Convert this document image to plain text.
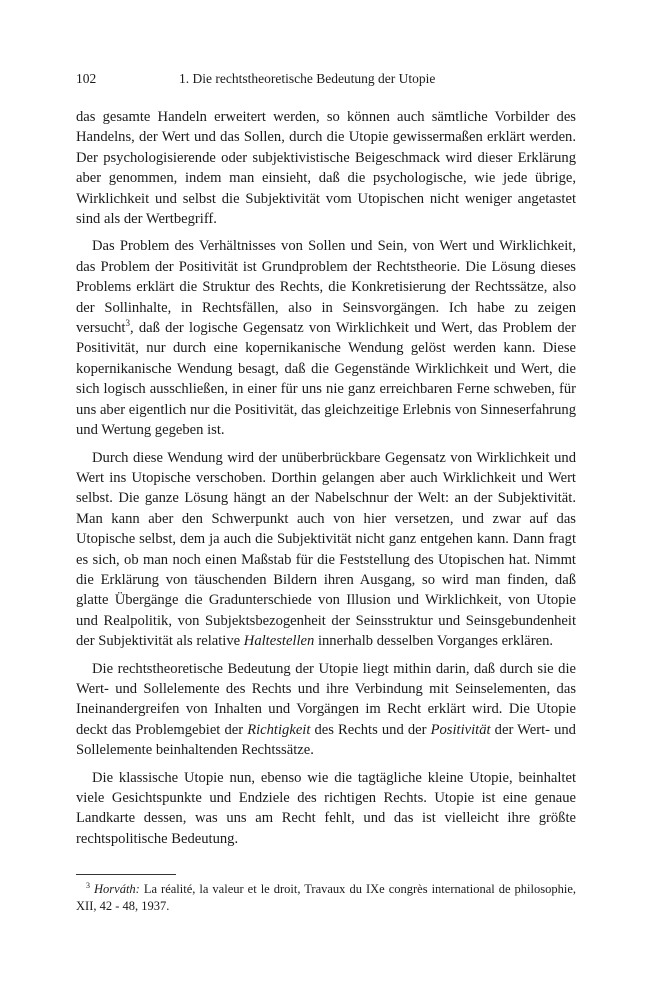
102	1. Die rechtstheoretische Bedeutung der Utopie

das gesamte Handeln erweitert werden, so können auch sämtliche Vorbilder des Handelns, der Wert und das Sollen, durch die Utopie gewissermaßen erklärt werden. Der psychologisierende oder subjektivistische Beigeschmack wird dieser Erklärung aber genommen, indem man einsieht, daß die psychologische, wie jede übrige, Wirklichkeit und selbst die Subjektivität vom Utopischen nicht weniger angetastet sind als der Wertbegriff.

Das Problem des Verhältnisses von Sollen und Sein, von Wert und Wirklichkeit, das Problem der Positivität ist Grundproblem der Rechtstheorie. Die Lösung dieses Problems erklärt die Struktur des Rechts, die Konkretisierung der Rechtssätze, also der Sollinhalte, in Rechtsfällen, also in Seinsvorgängen. Ich habe zu zeigen versucht$^3$, daß der logische Gegensatz von Wirklichkeit und Wert, das Problem der Positivität, nur durch eine kopernikanische Wendung gelöst werden kann. Diese kopernikanische Wendung besagt, daß die Gegenstände Wirklichkeit und Wert, die sich logisch ausschließen, in einer für uns nie ganz erreichbaren Ferne schweben, für uns aber eigentlich nur die Positivität, das gleichzeitige Erlebnis von Sinneserfahrung und Wertung gegeben ist.

Durch diese Wendung wird der unüberbrückbare Gegensatz von Wirklichkeit und Wert ins Utopische verschoben. Dorthin gelangen aber auch Wirklichkeit und Wert selbst. Die ganze Lösung hängt an der Nabelschnur der Welt: an der Subjektivität. Man kann aber den Schwerpunkt auch von hier versetzen, und zwar auf das Utopische selbst, dem ja auch die Subjektivität nicht ganz entgehen kann. Dann fragt es sich, ob man noch einen Maßstab für die Feststellung des Utopischen hat. Nimmt die Erklärung von täuschenden Bildern ihren Ausgang, so wird man finden, daß glatte Übergänge die Gradunterschiede von Illusion und Wirklichkeit, von Utopie und Realpolitik, von Subjektsbezogenheit der Seinsstruktur und Seinsgebundenheit der Subjektivität als relative Haltestellen innerhalb desselben Vorganges erklären.

Die rechtstheoretische Bedeutung der Utopie liegt mithin darin, daß durch sie die Wert- und Sollelemente des Rechts und ihre Verbindung mit Seinselementen, das Ineinandergreifen von Inhalten und Vorgängen im Recht erklärt wird. Die Utopie deckt das Problemgebiet der Richtigkeit des Rechts und der Positivität der Wert- und Sollelemente beinhaltenden Rechtssätze.

Die klassische Utopie nun, ebenso wie die tagtägliche kleine Utopie, beinhaltet viele Gesichtspunkte und Endziele des richtigen Rechts. Utopie ist eine genaue Landkarte dessen, was uns am Recht fehlt, und das ist vielleicht ihre größte rechtspolitische Bedeutung.

$^3$ Horváth: La réalité, la valeur et le droit, Travaux du IXe congrès international de philosophie, XII, 42 - 48, 1937.
